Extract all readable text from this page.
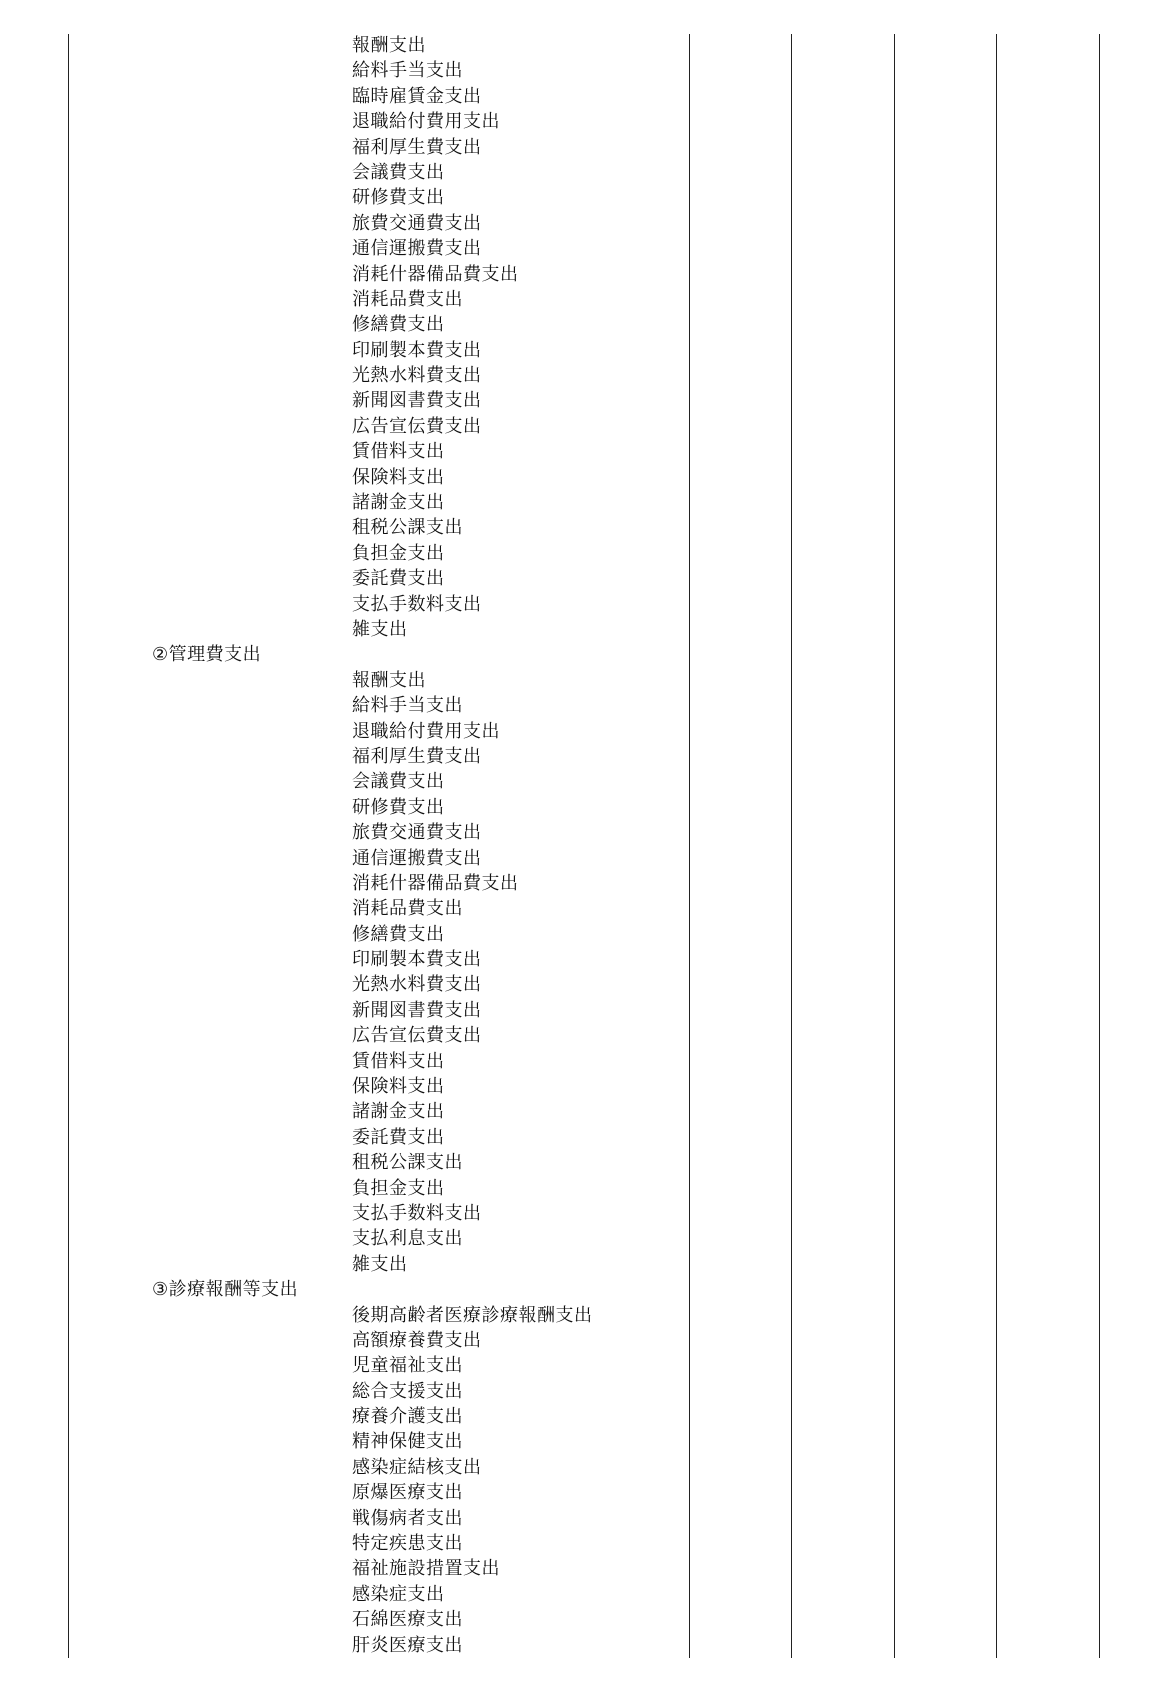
報酬支出
給料手当支出
臨時雇賃金支出
退職給付費用支出
福利厚生費支出
会議費支出
研修費支出
旅費交通費支出
通信運搬費支出
消耗什器備品費支出
消耗品費支出
修繕費支出
印刷製本費支出
光熱水料費支出
新聞図書費支出
広告宣伝費支出
賃借料支出
保険料支出
諸謝金支出
租税公課支出
負担金支出
委託費支出
支払手数料支出
雑支出
②管理費支出
報酬支出
給料手当支出
退職給付費用支出
福利厚生費支出
会議費支出
研修費支出
旅費交通費支出
通信運搬費支出
消耗什器備品費支出
消耗品費支出
修繕費支出
印刷製本費支出
光熱水料費支出
新聞図書費支出
広告宣伝費支出
賃借料支出
保険料支出
諸謝金支出
委託費支出
租税公課支出
負担金支出
支払手数料支出
支払利息支出
雑支出
③診療報酬等支出
後期高齢者医療診療報酬支出
高額療養費支出
児童福祉支出
総合支援支出
療養介護支出
精神保健支出
感染症結核支出
原爆医療支出
戦傷病者支出
特定疾患支出
福祉施設措置支出
感染症支出
石綿医療支出
肝炎医療支出
